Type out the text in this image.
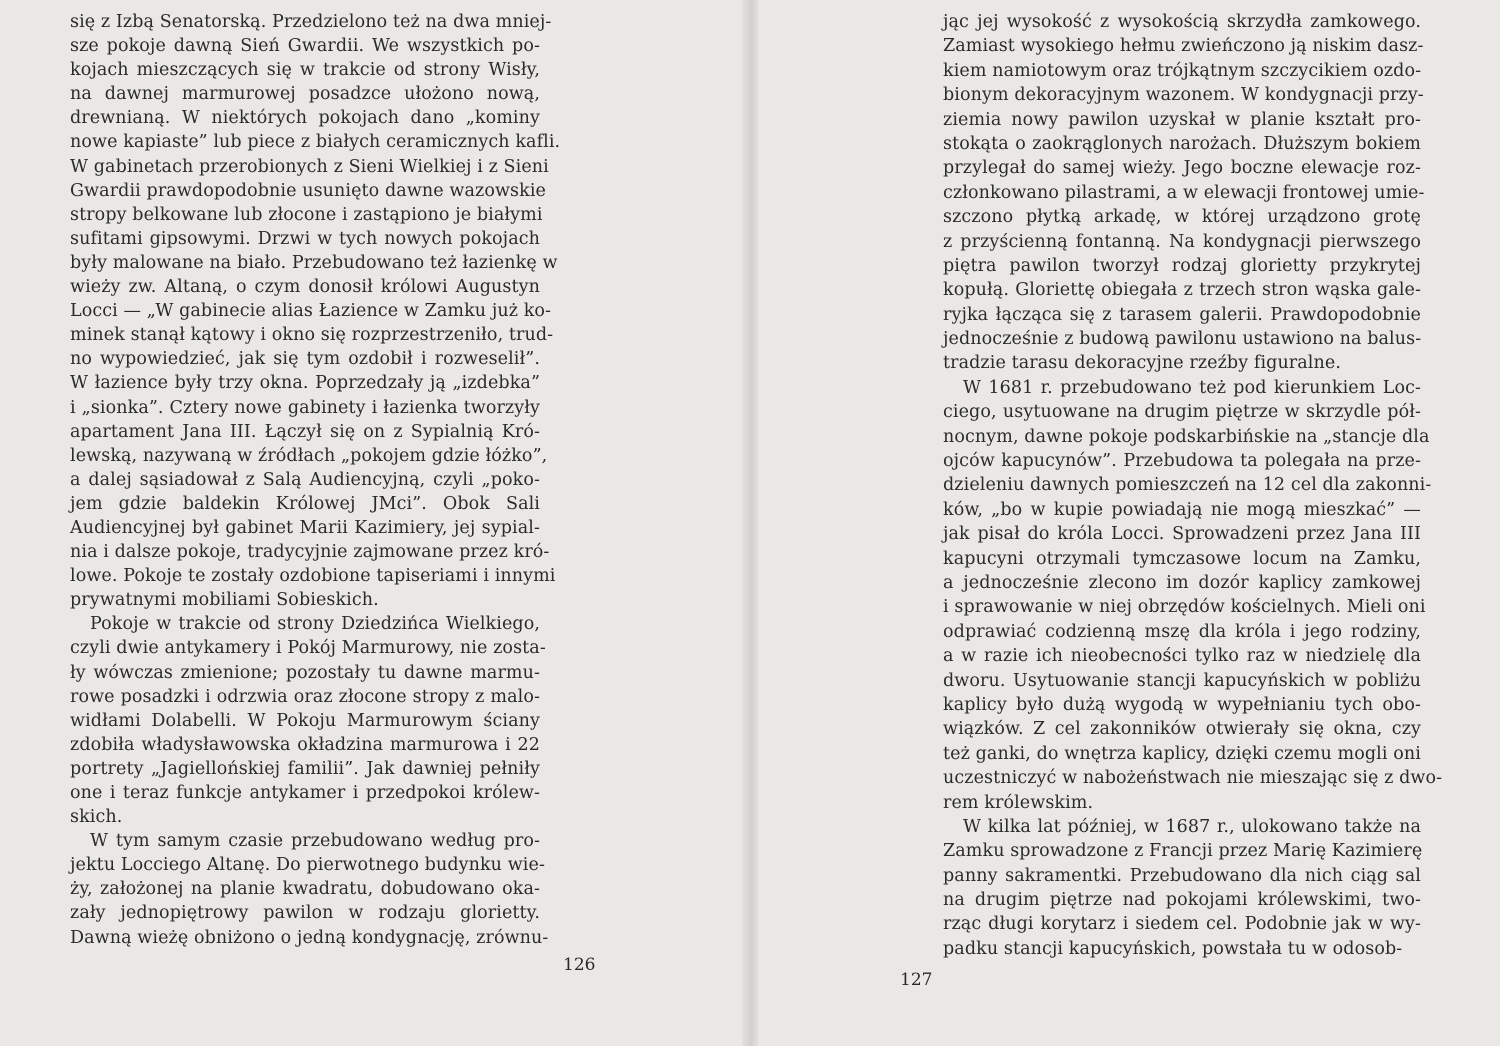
się z Izbą Senatorską. Przedzielono też na dwa mniej-
sze pokoje dawną Sień Gwardii. We wszystkich po-
kojach mieszczących się w trakcie od strony Wisły,
na dawnej marmurowej posadzce ułożono nową,
drewnianą. W niektórych pokojach dano „kominy
nowe kapiaste” lub piece z białych ceramicznych kafli.
W gabinetach przerobionych z Sieni Wielkiej i z Sieni
Gwardii prawdopodobnie usunięto dawne wazowskie
stropy belkowane lub złocone i zastąpiono je białymi
sufitami gipsowymi. Drzwi w tych nowych pokojach
były malowane na biało. Przebudowano też łazienkę w
wieży zw. Altaną, o czym donosił królowi Augustyn
Locci — „W gabinecie alias Łazience w Zamku już ko-
minek stanął kątowy i okno się rozprzestrzeniło, trud-
no wypowiedzieć, jak się tym ozdobił i rozweselił”.
W łazience były trzy okna. Poprzedzały ją „izdebka”
i „sionka”. Cztery nowe gabinety i łazienka tworzyły
apartament Jana III. Łączył się on z Sypialnią Kró-
lewską, nazywaną w źródłach „pokojem gdzie łóżko”,
a dalej sąsiadował z Salą Audiencyjną, czyli „poko-
jem gdzie baldekin Królowej JMci”. Obok Sali
Audiencyjnej był gabinet Marii Kazimiery, jej sypial-
nia i dalsze pokoje, tradycyjnie zajmowane przez kró-
lowe. Pokoje te zostały ozdobione tapiseriami i innymi
prywatnymi mobiliami Sobieskich.
Pokoje w trakcie od strony Dziedzińca Wielkiego,
czyli dwie antykamery i Pokój Marmurowy, nie zosta-
ły wówczas zmienione; pozostały tu dawne marmu-
rowe posadzki i odrzwia oraz złocone stropy z malo-
widłami Dolabelli. W Pokoju Marmurowym ściany
zdobiła władysławowska okładzina marmurowa i 22
portrety „Jagiellońskiej familii”. Jak dawniej pełniły
one i teraz funkcje antykamer i przedpokoi królew-
skich.
W tym samym czasie przebudowano według pro-
jektu Locciego Altanę. Do pierwotnego budynku wie-
ży, założonej na planie kwadratu, dobudowano oka-
zały jednopiętrowy pawilon w rodzaju glorietty.
Dawną wieżę obniżono o jedną kondygnację, zrównu-
126
jąc jej wysokość z wysokością skrzydła zamkowego.
Zamiast wysokiego hełmu zwieńczono ją niskim dasz-
kiem namiotowym oraz trójkątnym szczycikiem ozdo-
bionym dekoracyjnym wazonem. W kondygnacji przy-
ziemia nowy pawilon uzyskał w planie kształt pro-
stokąta o zaokrąglonych narożach. Dłuższym bokiem
przylegał do samej wieży. Jego boczne elewacje roz-
członkowano pilastrami, a w elewacji frontowej umie-
szczono płytką arkadę, w której urządzono grotę
z przyścienną fontanną. Na kondygnacji pierwszego
piętra pawilon tworzył rodzaj glorietty przykrytej
kopułą. Gloriettę obiegała z trzech stron wąska gale-
ryjka łącząca się z tarasem galerii. Prawdopodobnie
jednocześnie z budową pawilonu ustawiono na balus-
tradzie tarasu dekoracyjne rzeźby figuralne.
W 1681 r. przebudowano też pod kierunkiem Loc-
ciego, usytuowane na drugim piętrze w skrzydle pół-
nocnym, dawne pokoje podskarbińskie na „stancje dla
ojców kapucynów”. Przebudowa ta polegała na prze-
dzieleniu dawnych pomieszczeń na 12 cel dla zakonni-
ków, „bo w kupie powiadają nie mogą mieszkać” —
jak pisał do króla Locci. Sprowadzeni przez Jana III
kapucyni otrzymali tymczasowe locum na Zamku,
a jednocześnie zlecono im dozór kaplicy zamkowej
i sprawowanie w niej obrzędów kościelnych. Mieli oni
odprawiać codzienną mszę dla króla i jego rodziny,
a w razie ich nieobecności tylko raz w niedzielę dla
dworu. Usytuowanie stancji kapucyńskich w pobliżu
kaplicy było dużą wygodą w wypełnianiu tych obo-
wiązków. Z cel zakonników otwierały się okna, czy
też ganki, do wnętrza kaplicy, dzięki czemu mogli oni
uczestniczyć w nabożeństwach nie mieszając się z dwo-
rem królewskim.
W kilka lat później, w 1687 r., ulokowano także na
Zamku sprowadzone z Francji przez Marię Kazimierę
panny sakramentki. Przebudowano dla nich ciąg sal
na drugim piętrze nad pokojami królewskimi, two-
rząc długi korytarz i siedem cel. Podobnie jak w wy-
padku stancji kapucyńskich, powstała tu w odosob-
127
